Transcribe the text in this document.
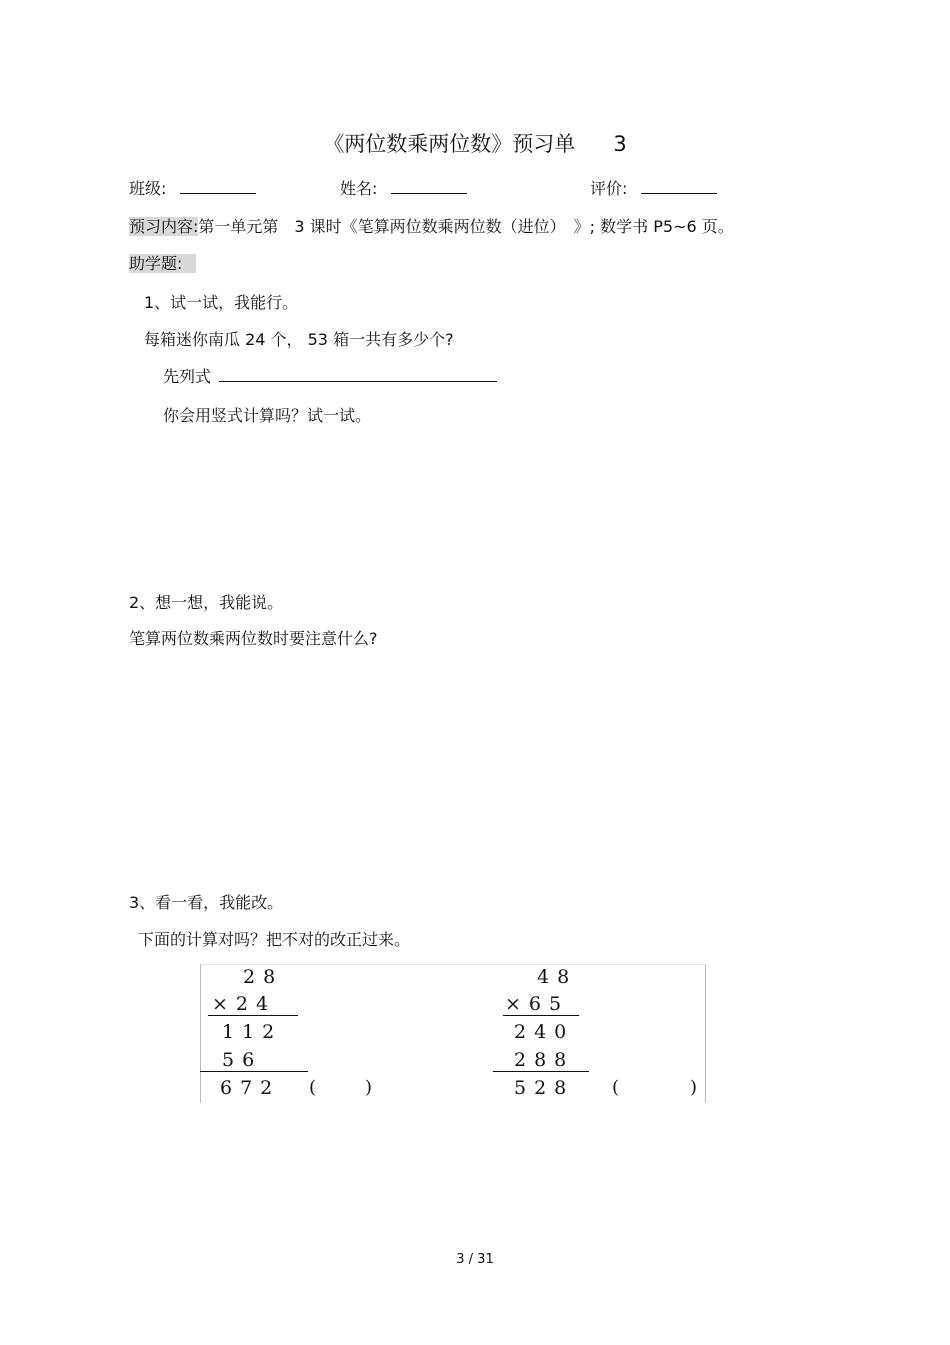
《两位数乘两位数》预习单 3
班级:	姓名:	评价:
预习内容:第一单元第　3 课时《笔算两位数乘两位数（进位）　》; 数学书 P5~6 页。
助学题:
1、试一试，我能行。
每箱迷你南瓜 24 个， 53 箱一共有多少个?
先列式
你会用竖式计算吗？试一试。
2、想一想，我能说。
笔算两位数乘两位数时要注意什么?
3、看一看，我能改。
下面的计算对吗？把不对的改正过来。
28
×24
112
56
672 (	)
48
×65
240
288
528 (	)
3 / 31
